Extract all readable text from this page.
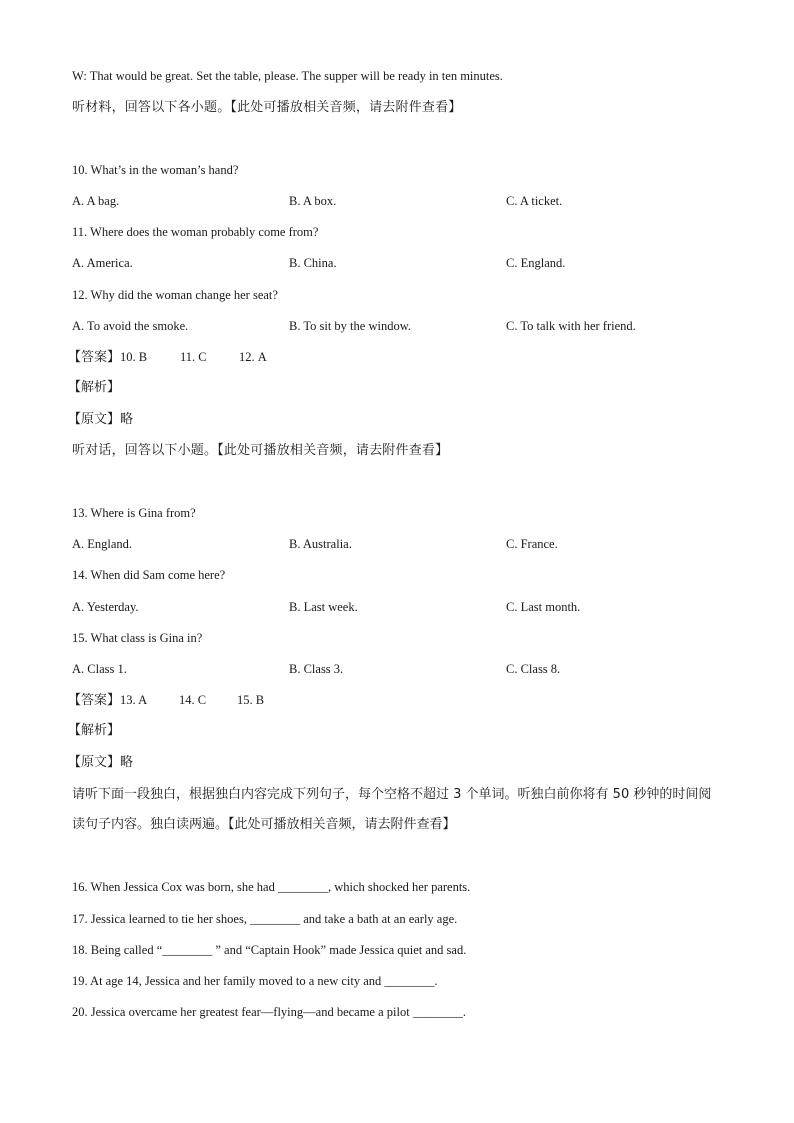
W: That would be great. Set the table, please. The supper will be ready in ten minutes.
听材料，回答以下各小题。【此处可播放相关音频，请去附件查看】
10. What’s in the woman’s hand?
A. A bag.	B. A box.	C. A ticket.
11. Where does the woman probably come from?
A. America.	B. China.	C. England.
12. Why did the woman change her seat?
A. To avoid the smoke.	B. To sit by the window.	C. To talk with her friend.
【答案】10. B	11. C	12. A
【解析】
【原文】略
听对话，回答以下小题。【此处可播放相关音频，请去附件查看】
13. Where is Gina from?
A. England.	B. Australia.	C. France.
14. When did Sam come here?
A. Yesterday.	B. Last week.	C. Last month.
15. What class is Gina in?
A. Class 1.	B. Class 3.	C. Class 8.
【答案】13. A	14. C 15. B
【解析】
【原文】略
请听下面一段独白，根据独白内容完成下列句子，每个空格不超过 3 个单词。听独白前你将有 50 秒钟的时间阅读句子内容。独白读两遍。【此处可播放相关音频，请去附件查看】
16. When Jessica Cox was born, she had ________, which shocked her parents.
17. Jessica learned to tie her shoes, ________ and take a bath at an early age.
18. Being called “________ ” and “Captain Hook” made Jessica quiet and sad.
19. At age 14, Jessica and her family moved to a new city and ________.
20. Jessica overcame her greatest fear—flying—and became a pilot ________.
